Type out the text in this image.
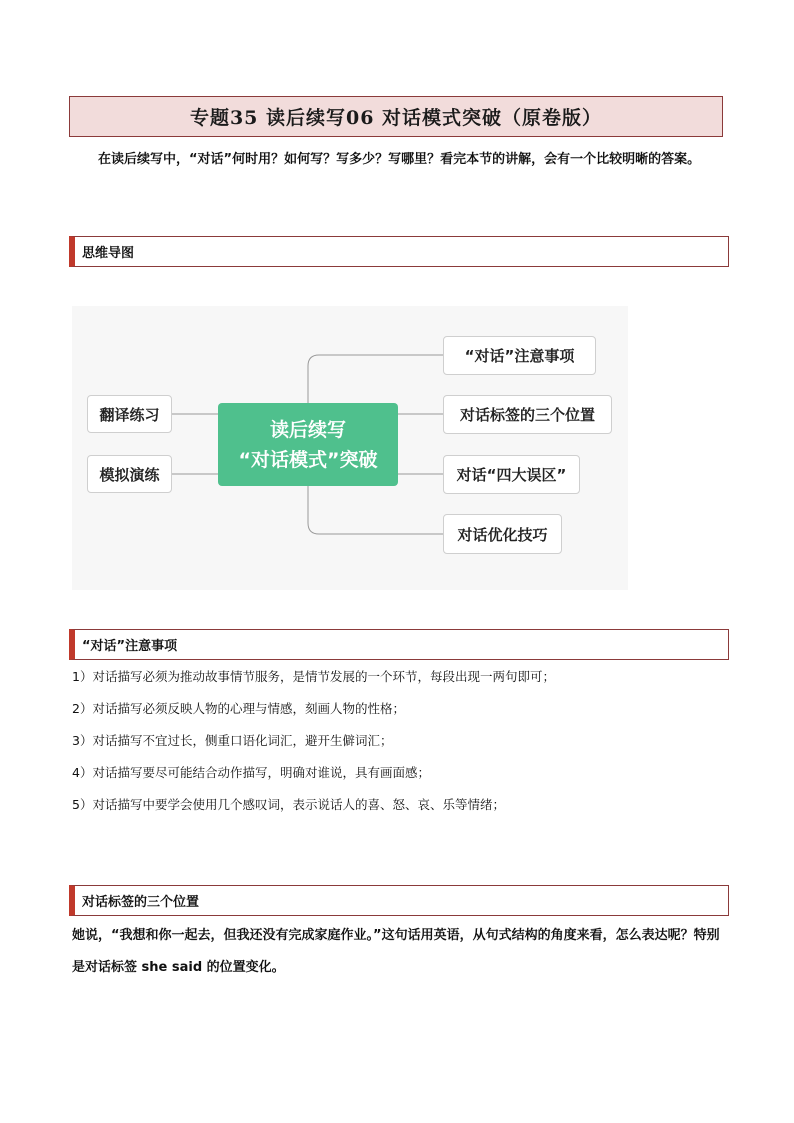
专题35 读后续写06 对话模式突破（原卷版）
在读后续写中，“对话”何时用？如何写？写多少？写哪里？看完本节的讲解，会有一个比较明晰的答案。
思维导图
翻译练习
模拟演练
读后续写
“对话模式”突破
“对话”注意事项
对话标签的三个位置
对话“四大误区”
对话优化技巧
“对话”注意事项
1）对话描写必须为推动故事情节服务，是情节发展的一个环节，每段出现一两句即可；
2）对话描写必须反映人物的心理与情感，刻画人物的性格；
3）对话描写不宜过长，侧重口语化词汇，避开生僻词汇；
4）对话描写要尽可能结合动作描写，明确对谁说，具有画面感；
5）对话描写中要学会使用几个感叹词，表示说话人的喜、怒、哀、乐等情绪；
对话标签的三个位置
她说，“我想和你一起去，但我还没有完成家庭作业。”这句话用英语，从句式结构的角度来看，怎么表达呢？特别是对话标签 she said 的位置变化。
